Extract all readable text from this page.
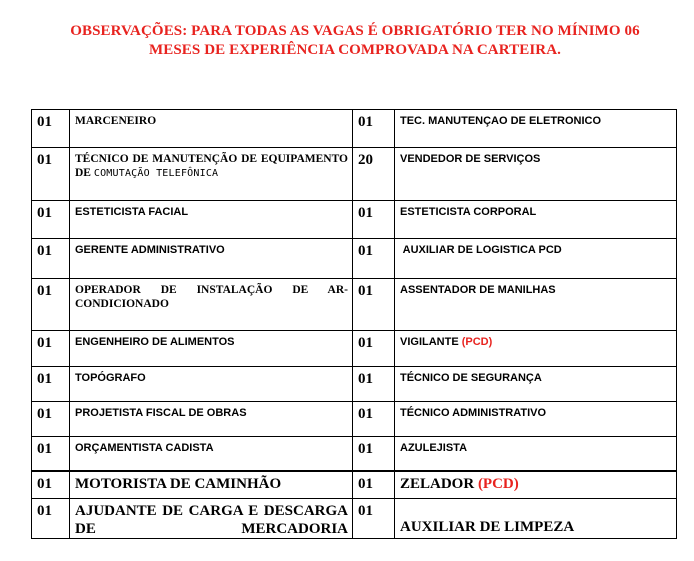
OBSERVAÇÕES: PARA TODAS AS VAGAS É OBRIGATÓRIO TER NO MÍNIMO 06
MESES DE EXPERIÊNCIA COMPROVADA NA CARTEIRA.
01	MARCENEIRO	01	TEC. MANUTENÇAO DE ELETRONICO
01	TÉCNICO DE MANUTENÇÃO DE EQUIPAMENTO DE COMUTAÇÃO TELEFÔNICA	20	VENDEDOR DE SERVIÇOS
01	ESTETICISTA FACIAL	01	ESTETICISTA CORPORAL
01	GERENTE ADMINISTRATIVO	01	AUXILIAR DE LOGISTICA PCD
01	OPERADOR DE INSTALAÇÃO DE AR-CONDICIONADO	01	ASSENTADOR DE MANILHAS
01	ENGENHEIRO DE ALIMENTOS	01	VIGILANTE (PCD)
01	TOPÓGRAFO	01	TÉCNICO DE SEGURANÇA
01	PROJETISTA FISCAL DE OBRAS	01	TÉCNICO ADMINISTRATIVO
01	ORÇAMENTISTA CADISTA	01	AZULEJISTA
01	MOTORISTA DE CAMINHÃO	01	ZELADOR (PCD)
01	AJUDANTE DE CARGA E DESCARGA DE MERCADORIA	01	AUXILIAR DE LIMPEZA
